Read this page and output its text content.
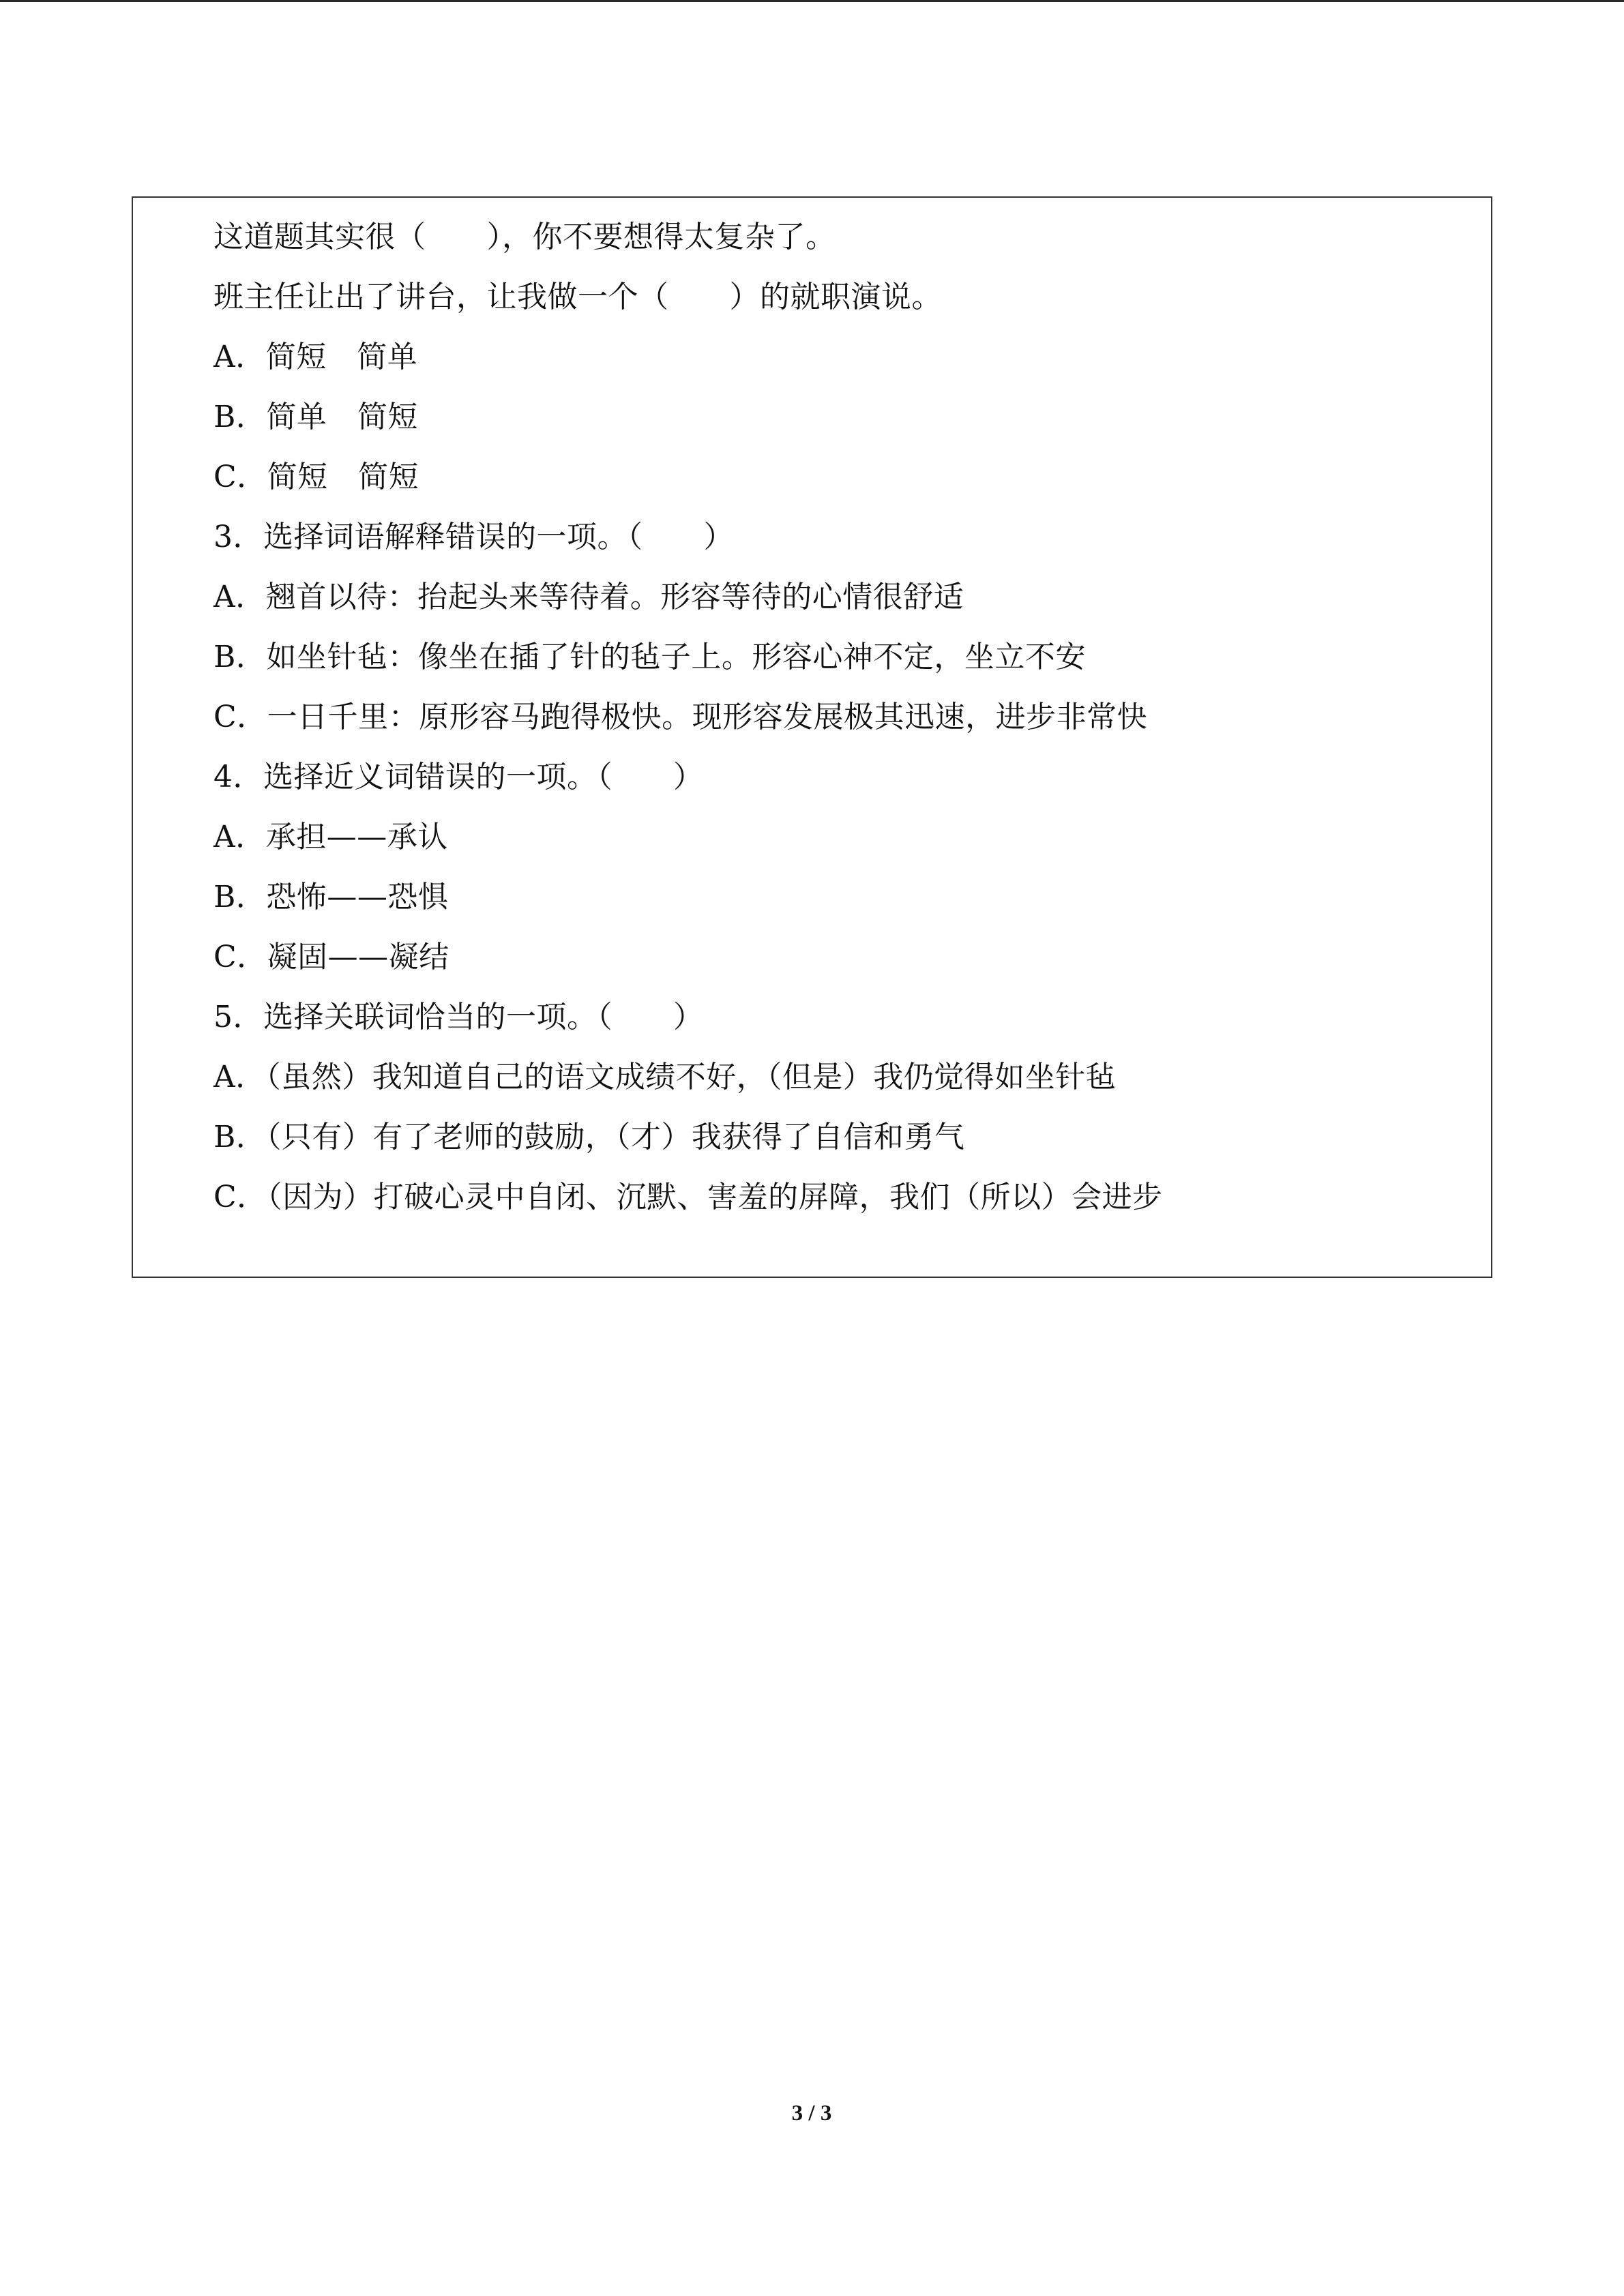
这道题其实很（　　），你不要想得太复杂了。
班主任让出了讲台，让我做一个（　　）的就职演说。
A．简短　简单
B．简单　简短
C．简短　简短
3．选择词语解释错误的一项。（　　）
A．翘首以待：抬起头来等待着。形容等待的心情很舒适
B．如坐针毡：像坐在插了针的毡子上。形容心神不定，坐立不安
C．一日千里：原形容马跑得极快。现形容发展极其迅速，进步非常快
4．选择近义词错误的一项。（　　）
A．承担——承认
B．恐怖——恐惧
C．凝固——凝结
5．选择关联词恰当的一项。（　　）
A．（虽然）我知道自己的语文成绩不好，（但是）我仍觉得如坐针毡
B．（只有）有了老师的鼓励，（才）我获得了自信和勇气
C．（因为）打破心灵中自闭、沉默、害羞的屏障，我们（所以）会进步
3 / 3
